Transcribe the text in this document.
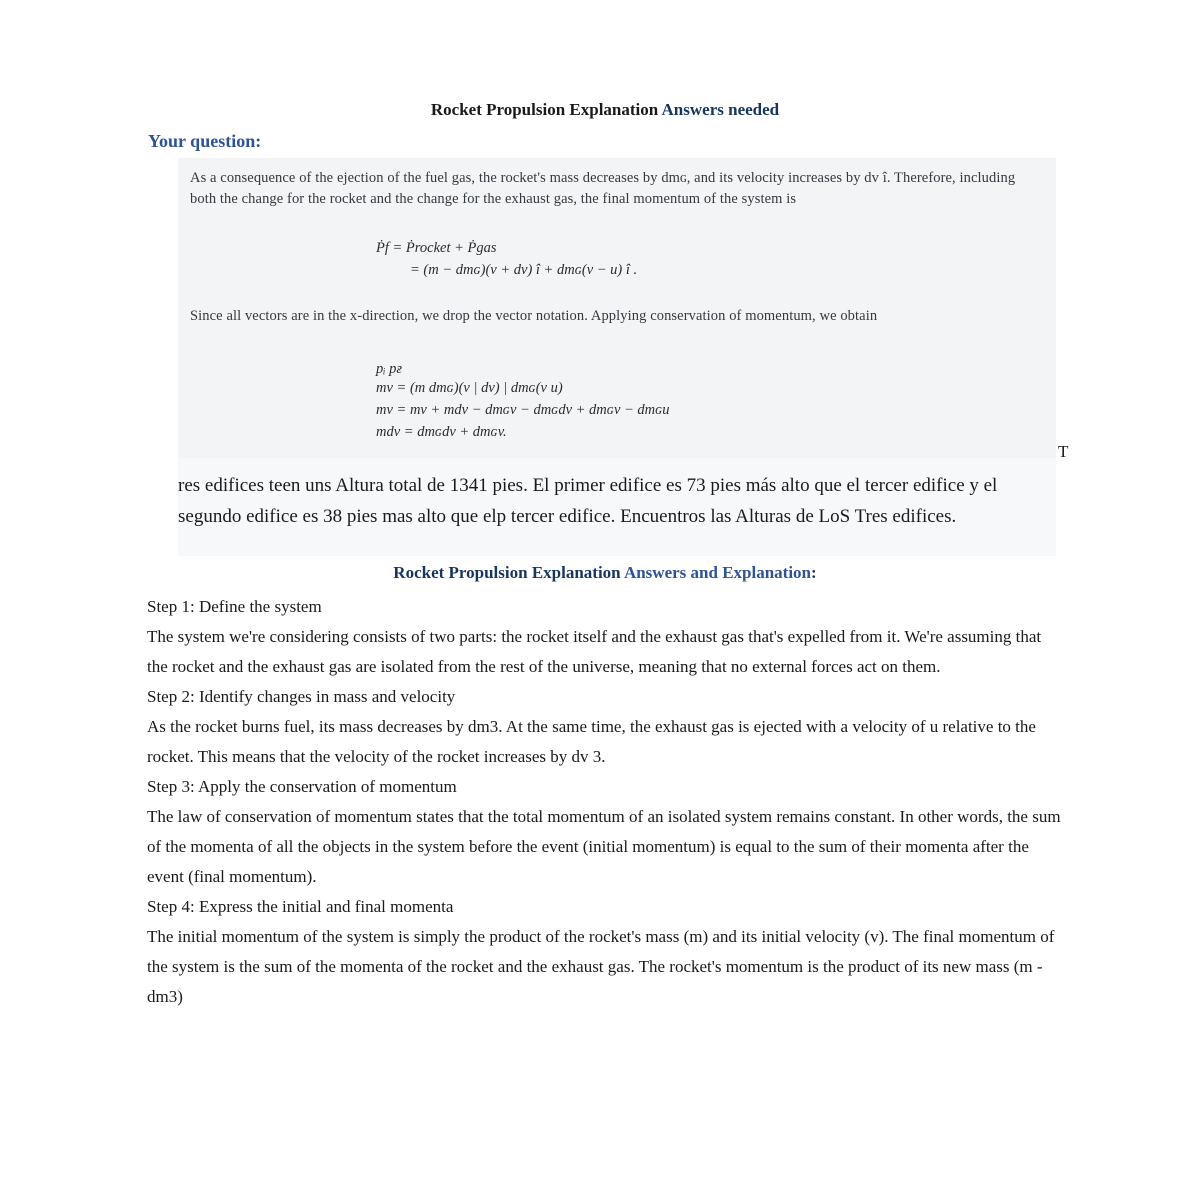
Rocket Propulsion Explanation Answers needed
Your question:
As a consequence of the ejection of the fuel gas, the rocket's mass decreases by dmɢ, and its velocity increases by dv î. Therefore, including both the change for the rocket and the change for the exhaust gas, the final momentum of the system is
Ṗf = Ṗrocket + Ṗgas
= (m − dmɢ)(v + dv) î + dmɢ(v − u) î .
Since all vectors are in the x-direction, we drop the vector notation. Applying conservation of momentum, we obtain
pᵢ pғ
mv = (m dmɢ)(v | dv) | dmɢ(v u)
mv = mv + mdv − dmɢv − dmɢdv + dmɢv − dmɢu
mdv = dmɢdv + dmɢv.
res edifices teen uns Altura total de 1341 pies. El primer edifice es 73 pies más alto que el tercer edifice y el segundo edifice es 38 pies mas alto que elp tercer edifice. Encuentros las Alturas de LoS Tres edifices.
T
Rocket Propulsion Explanation Answers and Explanation:

Step 1: Define the system

The system we're considering consists of two parts: the rocket itself and the exhaust gas that's expelled from it. We're assuming that the rocket and the exhaust gas are isolated from the rest of the universe, meaning that no external forces act on them.

Step 2: Identify changes in mass and velocity

As the rocket burns fuel, its mass decreases by dm3. At the same time, the exhaust gas is ejected with a velocity of u relative to the rocket. This means that the velocity of the rocket increases by dv 3.

Step 3: Apply the conservation of momentum

The law of conservation of momentum states that the total momentum of an isolated system remains constant. In other words, the sum of the momenta of all the objects in the system before the event (initial momentum) is equal to the sum of their momenta after the event (final momentum).

Step 4: Express the initial and final momenta

The initial momentum of the system is simply the product of the rocket's mass (m) and its initial velocity (v). The final momentum of the system is the sum of the momenta of the rocket and the exhaust gas. The rocket's momentum is the product of its new mass (m - dm3)
